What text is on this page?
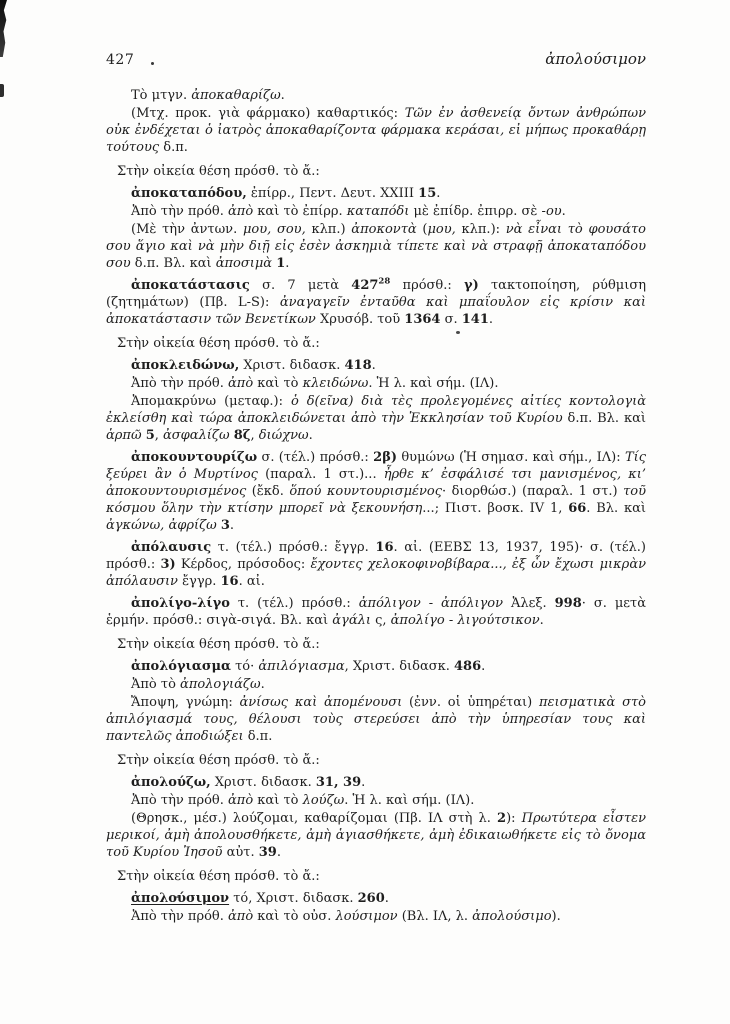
427	ἀπολούσιμον

Τὸ μτγν. ἀποκαθαρίζω.

(Μτχ. προκ. γιὰ φάρμακο) καθαρτικός: Τῶν ἐν ἀσθενείᾳ ὄντων ἀνθρώπων οὐκ ἐνδέχεται ὁ ἰατρὸς ἀποκαθαρίζοντα φάρμακα κεράσαι, εἰ μήπως προκαθάρῃ τούτους δ.π.

Στὴν οἰκεία θέση πρόσθ. τὸ ἄ.:

ἀποκαταπόδου, ἐπίρρ., Πεντ. Δευτ. XXIII 15.

Ἀπὸ τὴν πρόθ. ἀπὸ καὶ τὸ ἐπίρρ. καταπόδι μὲ ἐπίδρ. ἐπιρρ. σὲ -ου.

(Μὲ τὴν ἀντων. μου, σου, κλπ.) ἀποκοντὰ (μου, κλπ.): νὰ εἶναι τὸ φουσάτο σου ἅγιο καὶ νὰ μὴν διῇ εἰς ἐσὲν ἀσκημιὰ τίπετε καὶ νὰ στραφῇ ἀποκαταπόδου σου δ.π. Βλ. καὶ ἀποσιμὰ 1.

ἀποκατάστασις σ. 7 μετὰ $427^{28}$ πρόσθ.: γ) τακτοποίηση, ρύθμιση (ζητημάτων) (Πβ. L-S): ἀναγαγεῖν ἐνταῦθα καὶ μπαΐουλον εἰς κρίσιν καὶ ἀποκατάστασιν τῶν Βενετίκων Χρυσόβ. τοῦ 1364 σ. 141.

Στὴν οἰκεία θέση πρόσθ. τὸ ἄ.:

ἀποκλειδώνω, Χριστ. διδασκ. 418.

Ἀπὸ τὴν πρόθ. ἀπὸ καὶ τὸ κλειδώνω. Ἡ λ. καὶ σήμ. (ΙΛ).

Ἀπομακρύνω (μεταφ.): ὁ δ(εῖνα) διὰ τὲς προλεγομένες αἰτίες κοντολογιὰ ἐκλείσθη καὶ τώρα ἀποκλειδώνεται ἀπὸ τὴν Ἐκκλησίαν τοῦ Κυρίου δ.π. Βλ. καὶ ἁρπῶ 5, ἀσφαλίζω 8ζ, διώχνω.

ἀποκουντουρίζω σ. (τέλ.) πρόσθ.: 2β) θυμώνω (Ἡ σημασ. καὶ σήμ., ΙΛ): Τίς ξεύρει ἂν ὁ Μυρτίνος (παραλ. 1 στ.)... ἦρθε κ’ ἐσφάλισέ τσι μανισμένος, κι’ ἀποκουντουρισμένος (ἔκδ. ὅπού κουντουρισμένος· διορθώσ.) (παραλ. 1 στ.) τοῦ κόσμου ὅλην τὴν κτίσην μπορεῖ νὰ ξεκουνήση...; Πιστ. βοσκ. IV 1, 66. Βλ. καὶ ἀγκώνω, ἀφρίζω 3.

ἀπόλαυσις τ. (τέλ.) πρόσθ.: ἔγγρ. 16. αἰ. (ΕΕΒΣ 13, 1937, 195)· σ. (τέλ.) πρόσθ.: 3) Κέρδος, πρόσοδος: ἔχοντες χελοκοφινοβίβαρα..., ἐξ ὧν ἔχωσι μικρὰν ἀπόλαυσιν ἔγγρ. 16. αἰ.

ἀπολίγο-λίγο τ. (τέλ.) πρόσθ.: ἀπόλιγον - ἀπόλιγον Ἀλεξ. 998· σ. μετὰ ἑρμήν. πρόσθ.: σιγὰ-σιγά. Βλ. καὶ ἀγάλι ς, ἀπολίγο - λιγούτσικον.

Στὴν οἰκεία θέση πρόσθ. τὸ ἄ.:

ἀπολόγιασμα τό· ἀπιλόγιασμα, Χριστ. διδασκ. 486.

Ἀπὸ τὸ ἀπολογιάζω.

Ἄποψη, γνώμη: ἀνίσως καὶ ἀπομένουσι (ἐνν. οἱ ὑπηρέται) πεισματικὰ στὸ ἀπιλόγιασμά τους, θέλουσι τοὺς στερεύσει ἀπὸ τὴν ὑπηρεσίαν τους καὶ παντελῶς ἀποδιώξει δ.π.

Στὴν οἰκεία θέση πρόσθ. τὸ ἄ.:

ἀπολούζω, Χριστ. διδασκ. 31, 39.

Ἀπὸ τὴν πρόθ. ἀπὸ καὶ τὸ λούζω. Ἡ λ. καὶ σήμ. (ΙΛ).

(Θρησκ., μέσ.) λούζομαι, καθαρίζομαι (Πβ. ΙΛ στὴ λ. 2): Πρωτύτερα εἶστεν μερικοί, ἀμὴ ἀπολουσθήκετε, ἀμὴ ἁγιασθήκετε, ἀμὴ ἐδικαιωθήκετε εἰς τὸ ὄνομα τοῦ Κυρίου Ἰησοῦ αὐτ. 39.

Στὴν οἰκεία θέση πρόσθ. τὸ ἄ.:

ἀπολούσιμον τό, Χριστ. διδασκ. 260.

Ἀπὸ τὴν πρόθ. ἀπὸ καὶ τὸ οὐσ. λούσιμον (Βλ. ΙΛ, λ. ἀπολούσιμο).
